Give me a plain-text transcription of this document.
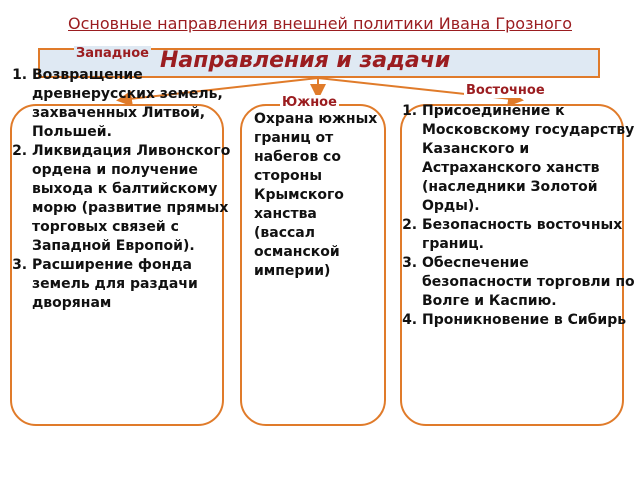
Основные направления внешней политики Ивана Грозного
Направления и задачи
Западное
Южное
Восточное
1. Возвращение древнерусских земель, захваченных Литвой, Польшей.
2. Ликвидация Ливонского ордена и получение выхода к балтийскому морю (развитие прямых торговых связей с Западной Европой).
3. Расширение фонда земель для раздачи дворянам
Охрана южных границ от набегов со стороны Крымского ханства (вассал османской империи)
1. Присоединение к Московскому государству Казанского и Астраханского ханств (наследники Золотой Орды).
2. Безопасность восточных границ.
3. Обеспечение безопасности торговли по Волге и Каспию.
4. Проникновение в Сибирь
